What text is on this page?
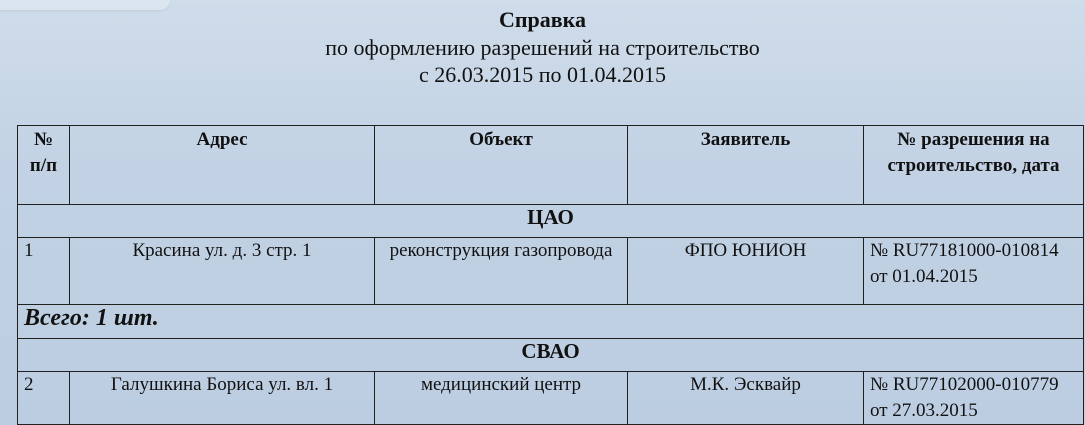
Справка
по оформлению разрешений на строительство
с 26.03.2015 по 01.04.2015
№ п/п	Адрес	Объект	Заявитель	№ разрешения на строительство, дата
ЦАО				
1	Красина ул. д. 3 стр. 1	реконструкция газопровода	ФПО ЮНИОН	№ RU77181000-010814
от 01.04.2015

Всего: 1 шт.				
СВАО				
2	Галушкина Бориса ул. вл. 1	медицинский центр	М.К. Эсквайр	№ RU77102000-010779
от 27.03.2015
